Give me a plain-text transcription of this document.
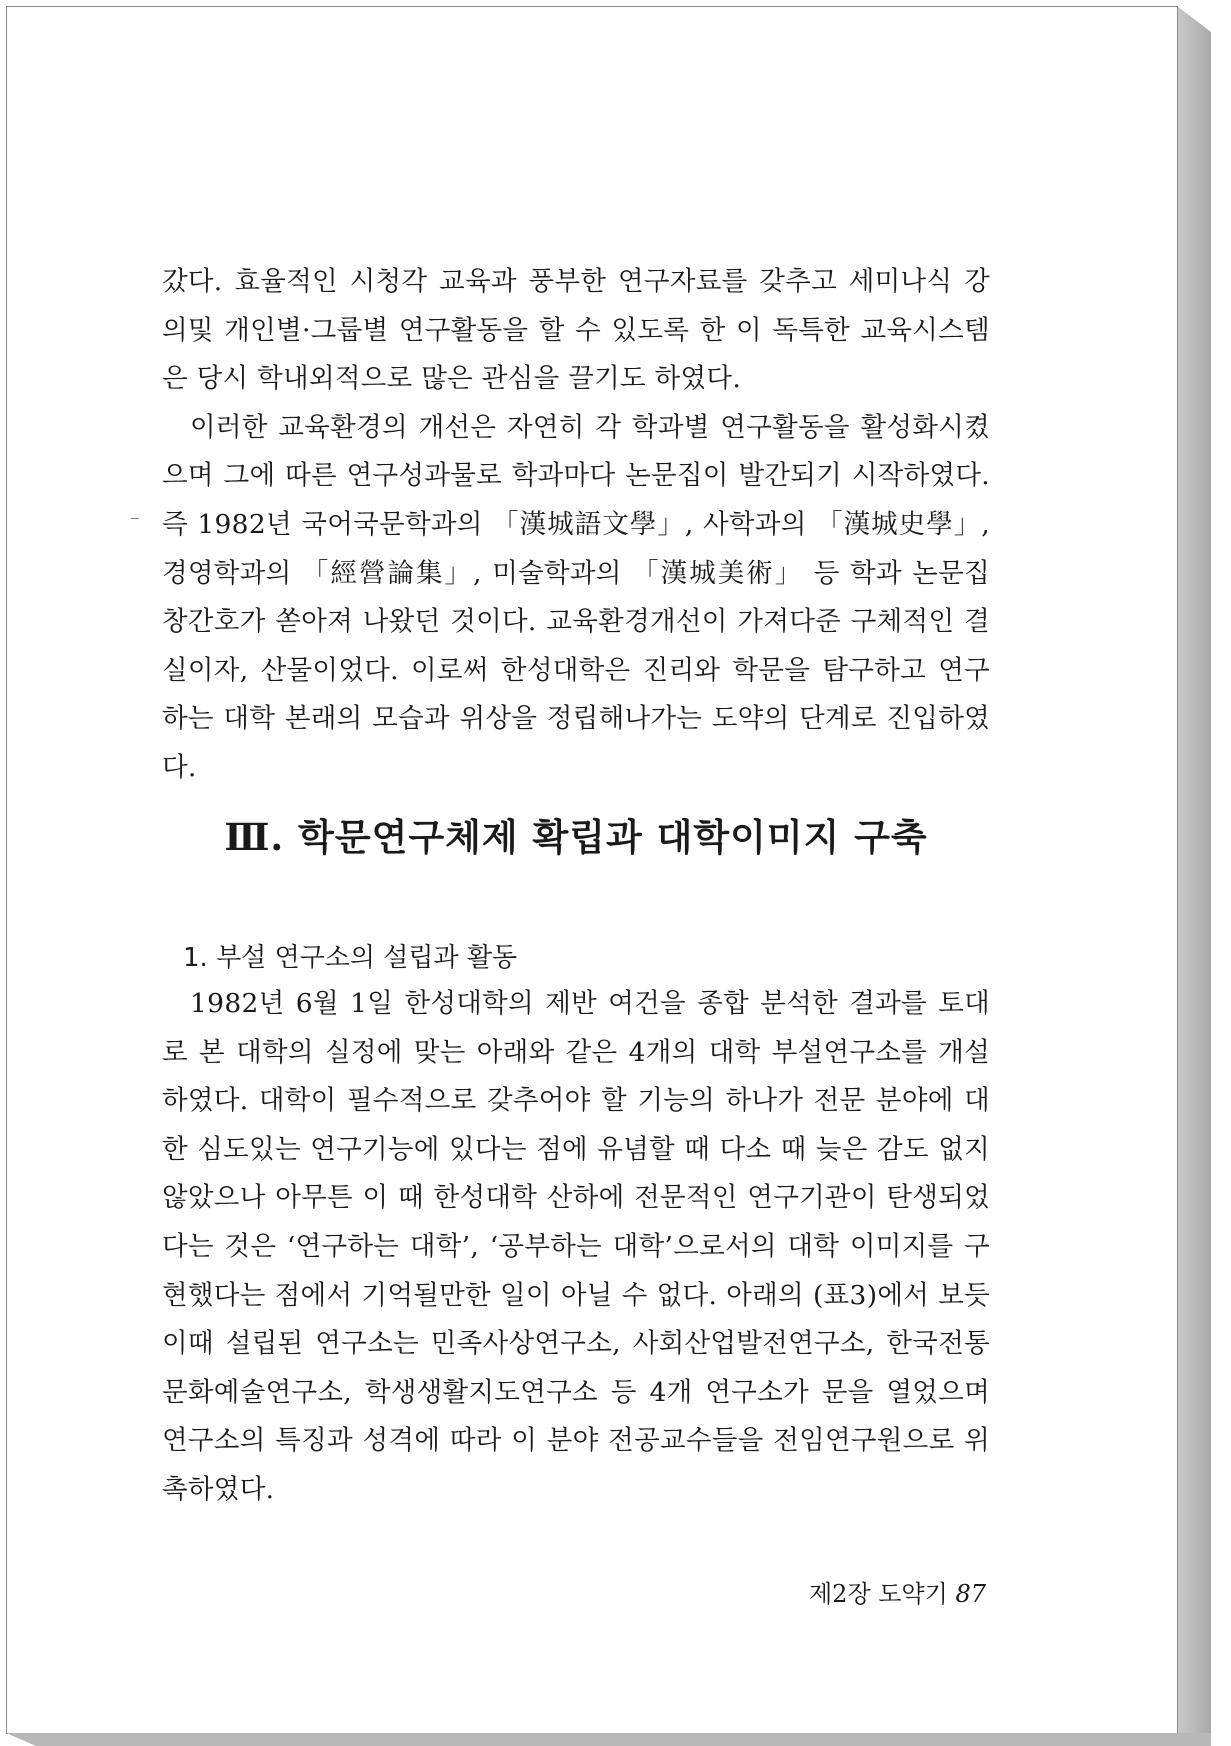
갔다. 효율적인 시청각 교육과 풍부한 연구자료를 갖추고 세미나식 강의및 개인별·그룹별 연구활동을 할 수 있도록 한 이 독특한 교육시스템은 당시 학내외적으로 많은 관심을 끌기도 하였다.

이러한 교육환경의 개선은 자연히 각 학과별 연구활동을 활성화시켰으며 그에 따른 연구성과물로 학과마다 논문집이 발간되기 시작하였다. 즉 1982년 국어국문학과의 「漢城語文學」, 사학과의 「漢城史學」, 경영학과의 「經營論集」, 미술학과의 「漢城美術」 등 학과 논문집 창간호가 쏟아져 나왔던 것이다. 교육환경개선이 가져다준 구체적인 결실이자, 산물이었다. 이로써 한성대학은 진리와 학문을 탐구하고 연구하는 대학 본래의 모습과 위상을 정립해나가는 도약의 단계로 진입하였다.

Ⅲ. 학문연구체제 확립과 대학이미지 구축
1. 부설 연구소의 설립과 활동

1982년 6월 1일 한성대학의 제반 여건을 종합 분석한 결과를 토대로 본 대학의 실정에 맞는 아래와 같은 4개의 대학 부설연구소를 개설하였다. 대학이 필수적으로 갖추어야 할 기능의 하나가 전문 분야에 대한 심도있는 연구기능에 있다는 점에 유념할 때 다소 때 늦은 감도 없지 않았으나 아무튼 이 때 한성대학 산하에 전문적인 연구기관이 탄생되었다는 것은 ‘연구하는 대학’, ‘공부하는 대학’으로서의 대학 이미지를 구현했다는 점에서 기억될만한 일이 아닐 수 없다. 아래의 (표3)에서 보듯 이때 설립된 연구소는 민족사상연구소, 사회산업발전연구소, 한국전통문화예술연구소, 학생생활지도연구소 등 4개 연구소가 문을 열었으며 연구소의 특징과 성격에 따라 이 분야 전공교수들을 전임연구원으로 위촉하였다.

제2장 도약기 87
